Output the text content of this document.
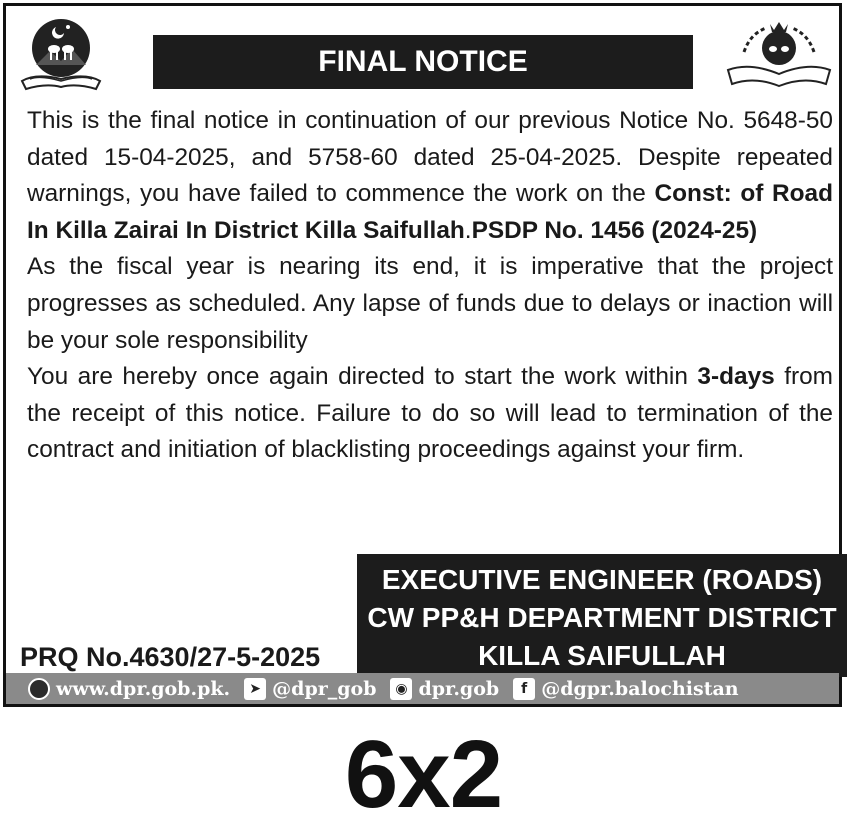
FINAL NOTICE

This is the final notice in continuation of our previous Notice No. 5648-50 dated 15-04-2025, and 5758-60 dated 25-04-2025. Despite repeated warnings, you have failed to commence the work on the Const: of Road In Killa Zairai In District Killa Saifullah.PSDP No. 1456 (2024-25)

As the fiscal year is nearing its end, it is imperative that the project progresses as scheduled. Any lapse of funds due to delays or inaction will be your sole responsibility

You are hereby once again directed to start the work within 3-days from the receipt of this notice. Failure to do so will lead to termination of the contract and initiation of blacklisting proceedings against your firm.

EXECUTIVE ENGINEER (ROADS)
CW PP&H DEPARTMENT DISTRICT
KILLA SAIFULLAH
PRQ No.4630/27-5-2025
www.dpr.gob.pk.	➤ @dpr_gob	◉ dpr.gob	f @dgpr.balochistan
6x2
